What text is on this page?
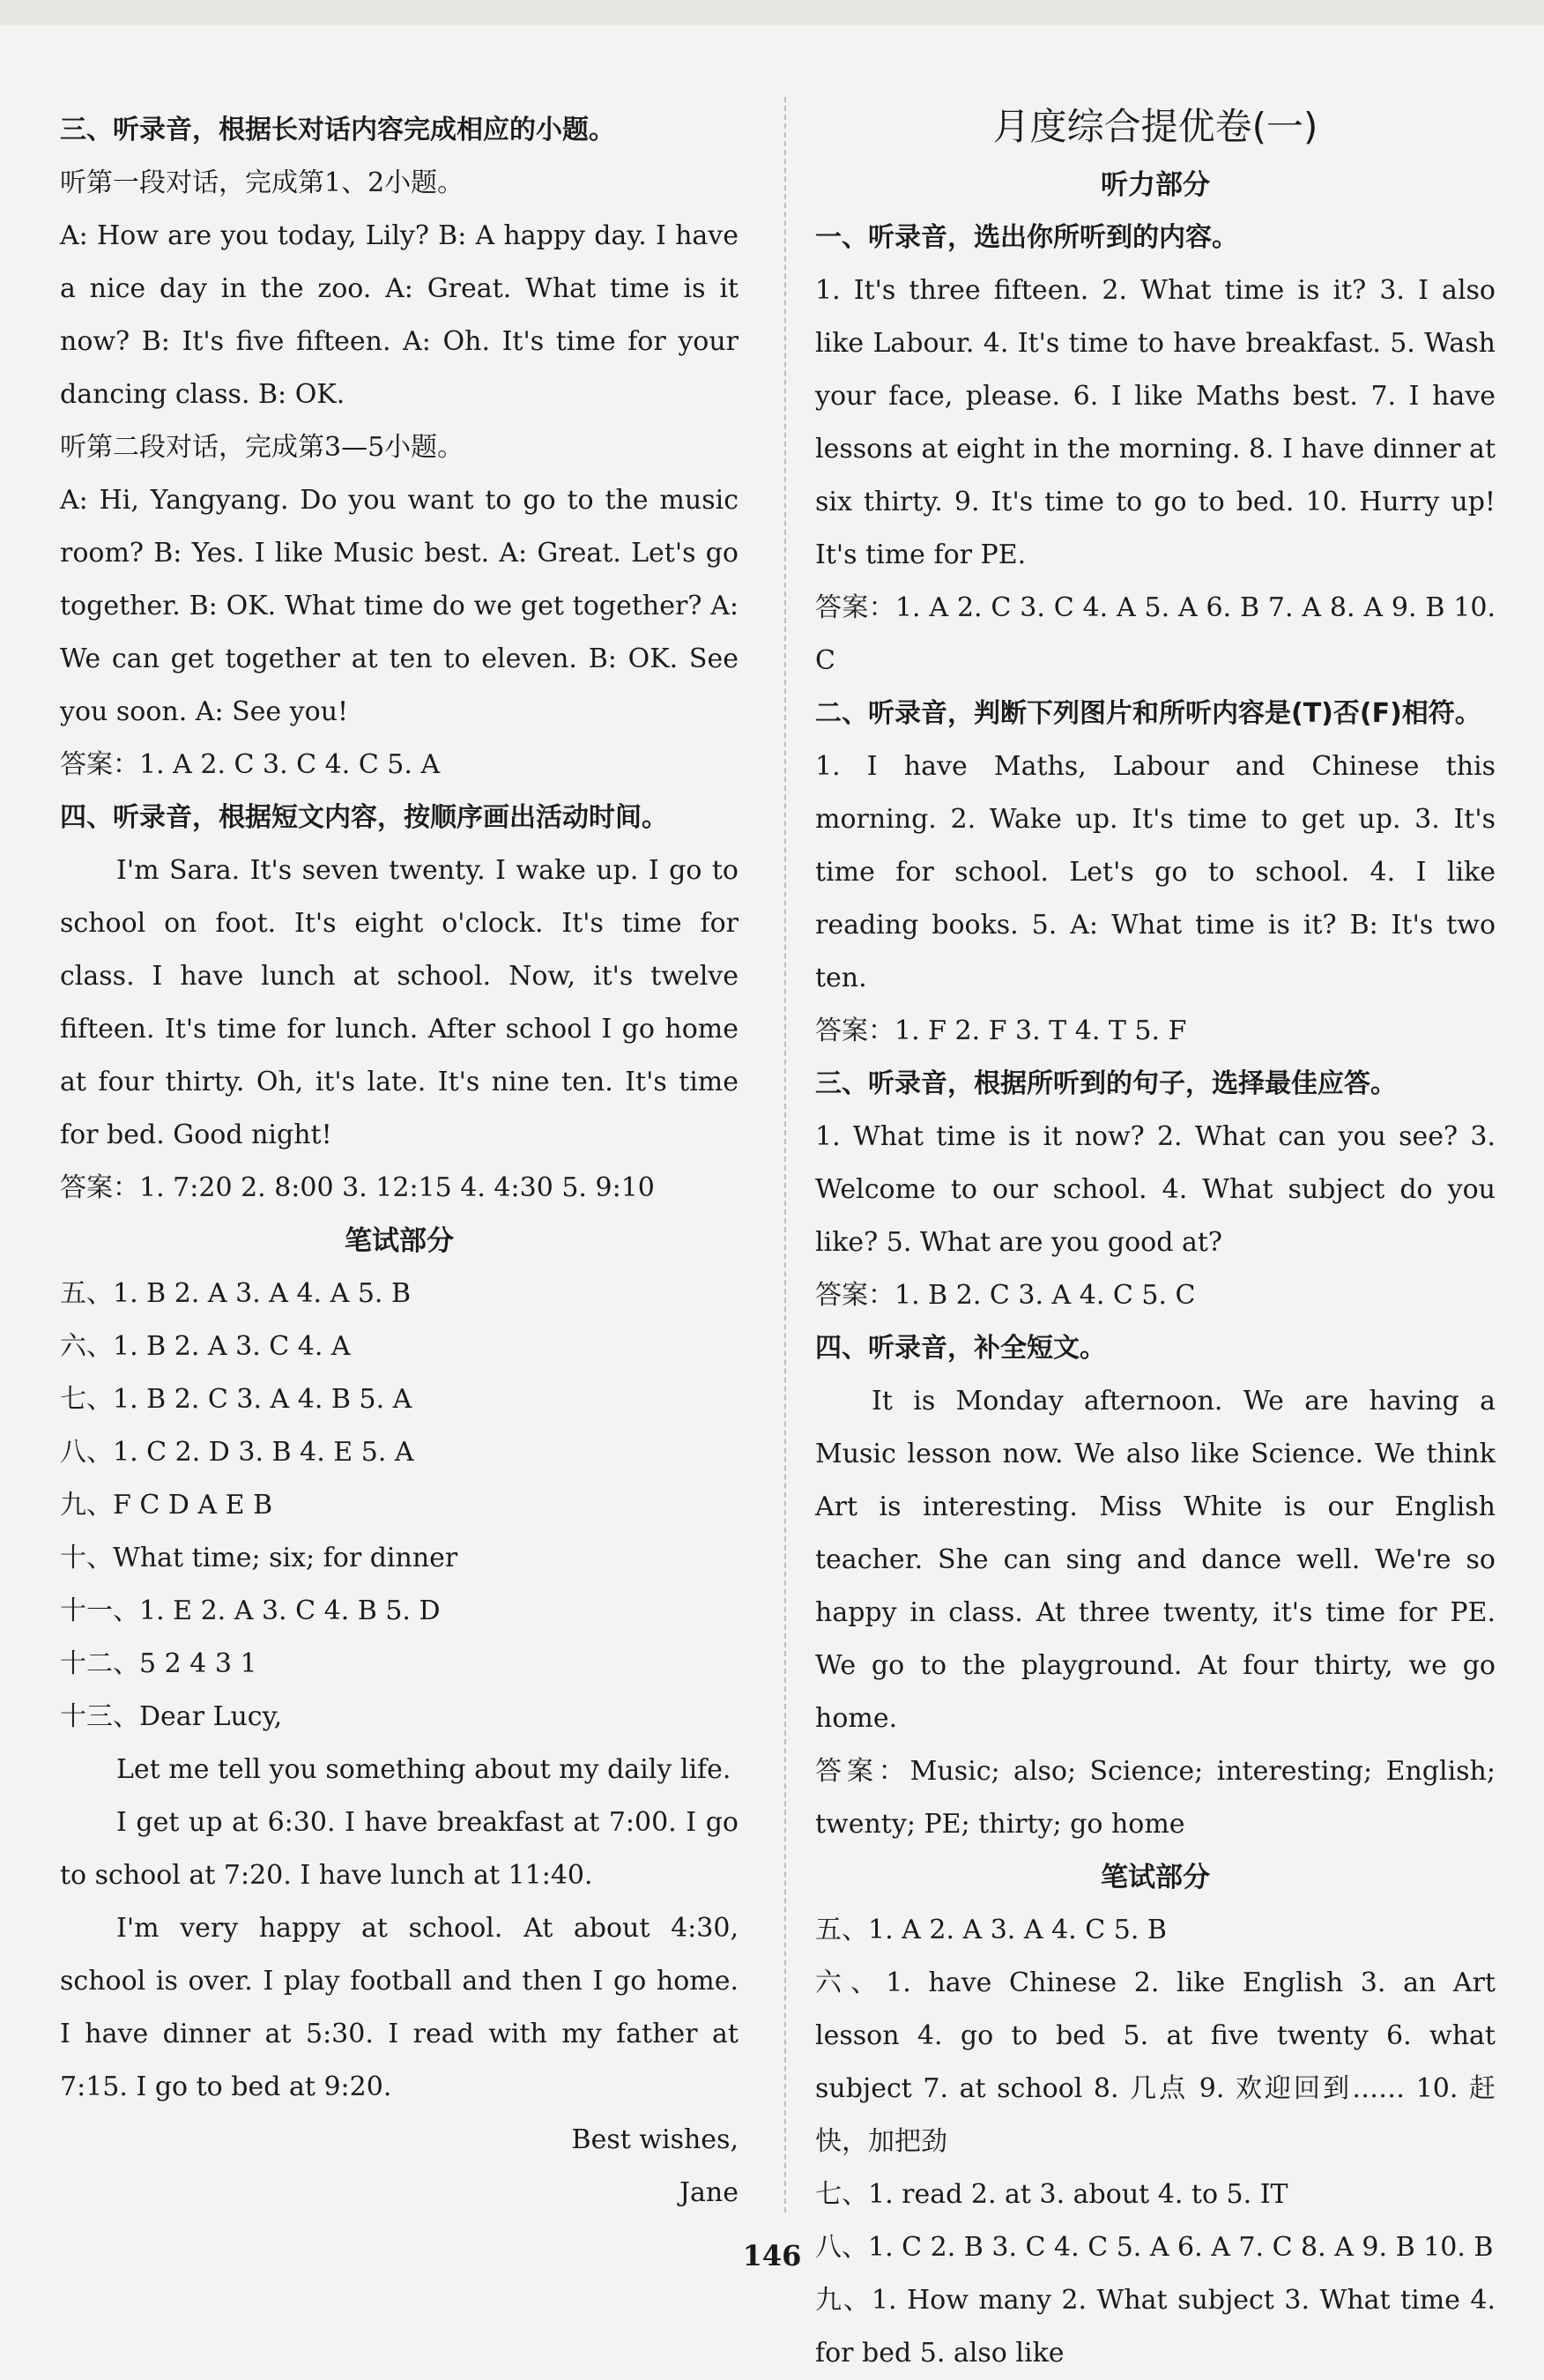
三、听录音，根据长对话内容完成相应的小题。

听第一段对话，完成第1、2小题。

A: How are you today, Lily? B: A happy day. I have a nice day in the zoo. A: Great. What time is it now? B: It's five fifteen. A: Oh. It's time for your dancing class. B: OK.

听第二段对话，完成第3—5小题。

A: Hi, Yangyang. Do you want to go to the music room? B: Yes. I like Music best. A: Great. Let's go together. B: OK. What time do we get together? A: We can get together at ten to eleven. B: OK. See you soon. A: See you!

答案：1. A 2. C 3. C 4. C 5. A

四、听录音，根据短文内容，按顺序画出活动时间。

I'm Sara. It's seven twenty. I wake up. I go to school on foot. It's eight o'clock. It's time for class. I have lunch at school. Now, it's twelve fifteen. It's time for lunch. After school I go home at four thirty. Oh, it's late. It's nine ten. It's time for bed. Good night!

答案：1. 7:20 2. 8:00 3. 12:15 4. 4:30 5. 9:10

笔试部分

五、1. B 2. A 3. A 4. A 5. B

六、1. B 2. A 3. C 4. A

七、1. B 2. C 3. A 4. B 5. A

八、1. C 2. D 3. B 4. E 5. A

九、F C D A E B

十、What time; six; for dinner

十一、1. E 2. A 3. C 4. B 5. D

十二、5 2 4 3 1

十三、Dear Lucy,

Let me tell you something about my daily life.

I get up at 6:30. I have breakfast at 7:00. I go to school at 7:20. I have lunch at 11:40.

I'm very happy at school. At about 4:30, school is over. I play football and then I go home. I have dinner at 5:30. I read with my father at 7:15. I go to bed at 9:20.

Best wishes,

Jane

月度综合提优卷(一)

听力部分

一、听录音，选出你所听到的内容。

1. It's three fifteen. 2. What time is it? 3. I also like Labour. 4. It's time to have breakfast. 5. Wash your face, please. 6. I like Maths best. 7. I have lessons at eight in the morning. 8. I have dinner at six thirty. 9. It's time to go to bed. 10. Hurry up! It's time for PE.

答案：1. A 2. C 3. C 4. A 5. A 6. B 7. A 8. A 9. B 10. C

二、听录音，判断下列图片和所听内容是(T)否(F)相符。

1. I have Maths, Labour and Chinese this morning. 2. Wake up. It's time to get up. 3. It's time for school. Let's go to school. 4. I like reading books. 5. A: What time is it? B: It's two ten.

答案：1. F 2. F 3. T 4. T 5. F

三、听录音，根据所听到的句子，选择最佳应答。

1. What time is it now? 2. What can you see? 3. Welcome to our school. 4. What subject do you like? 5. What are you good at?

答案：1. B 2. C 3. A 4. C 5. C

四、听录音，补全短文。

It is Monday afternoon. We are having a Music lesson now. We also like Science. We think Art is interesting. Miss White is our English teacher. She can sing and dance well. We're so happy in class. At three twenty, it's time for PE. We go to the playground. At four thirty, we go home.

答案：Music; also; Science; interesting; English; twenty; PE; thirty; go home

笔试部分

五、1. A 2. A 3. A 4. C 5. B

六、1. have Chinese 2. like English 3. an Art lesson 4. go to bed 5. at five twenty 6. what subject 7. at school 8. 几点 9. 欢迎回到…… 10. 赶快，加把劲

七、1. read 2. at 3. about 4. to 5. IT

八、1. C 2. B 3. C 4. C 5. A 6. A 7. C 8. A 9. B 10. B

九、1. How many 2. What subject 3. What time 4. for bed 5. also like

146
